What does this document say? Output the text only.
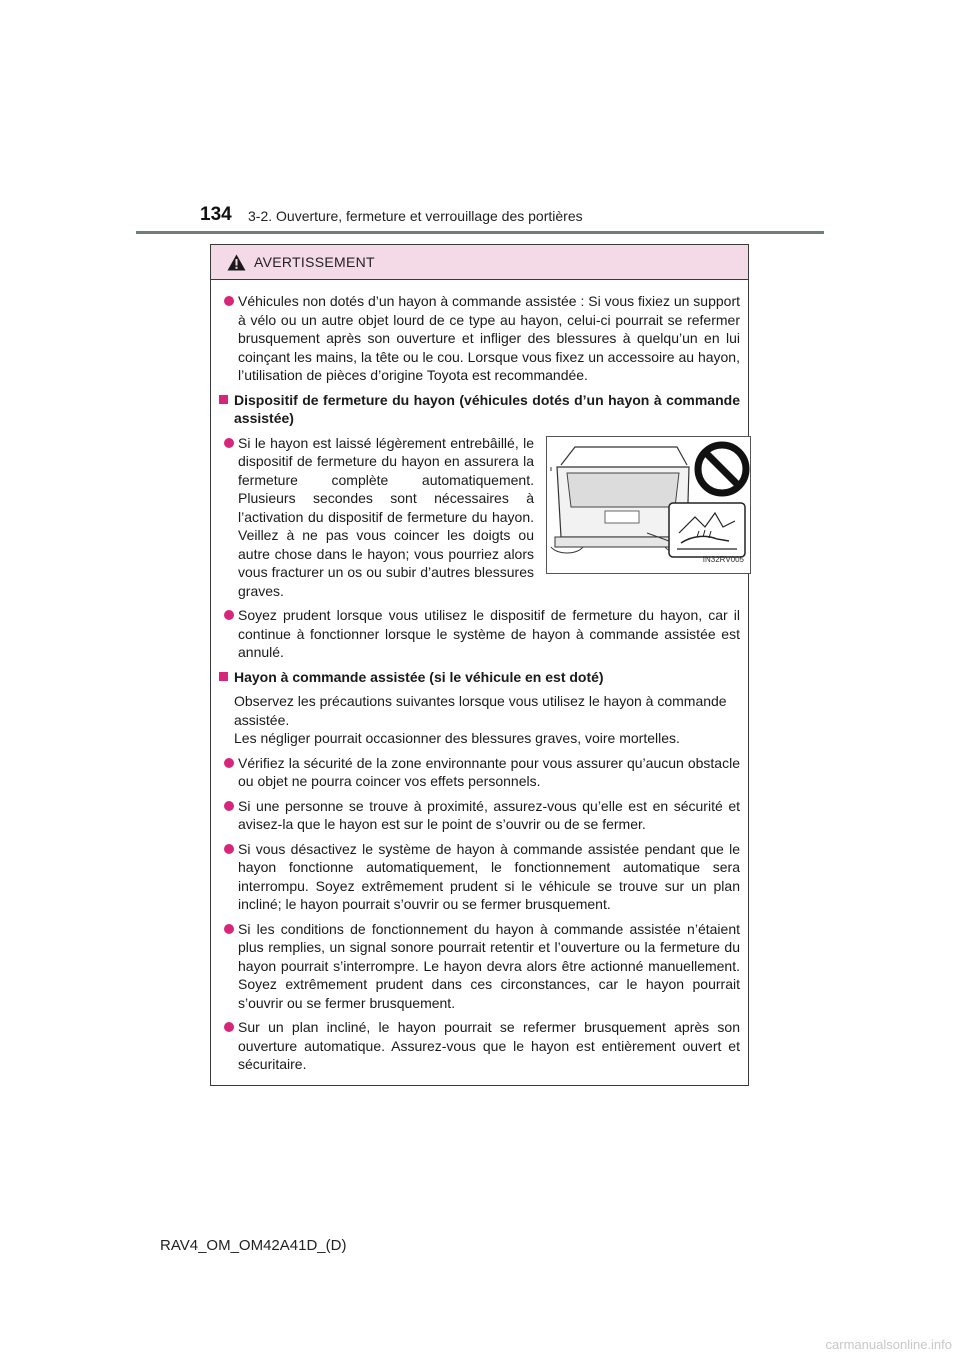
134 3-2. Ouverture, fermeture et verrouillage des portières
AVERTISSEMENT
Véhicules non dotés d’un hayon à commande assistée : Si vous fixiez un support à vélo ou un autre objet lourd de ce type au hayon, celui-ci pourrait se refermer brusquement après son ouverture et infliger des blessures à quelqu’un en lui coinçant les mains, la tête ou le cou. Lorsque vous fixez un accessoire au hayon, l’utilisation de pièces d’origine Toyota est recommandée.
Dispositif de fermeture du hayon (véhicules dotés d’un hayon à commande assistée)
Si le hayon est laissé légèrement entrebâillé, le dispositif de fermeture du hayon en assurera la fermeture complète automatiquement. Plusieurs secondes sont nécessaires à l’activation du dispositif de fermeture du hayon. Veillez à ne pas vous coincer les doigts ou autre chose dans le hayon; vous pourriez alors vous fracturer un os ou subir d’autres blessures graves.
IN32RV005
Soyez prudent lorsque vous utilisez le dispositif de fermeture du hayon, car il continue à fonctionner lorsque le système de hayon à commande assistée est annulé.
Hayon à commande assistée (si le véhicule en est doté)

Observez les précautions suivantes lorsque vous utilisez le hayon à commande assistée.

Les négliger pourrait occasionner des blessures graves, voire mortelles.

Vérifiez la sécurité de la zone environnante pour vous assurer qu’aucun obstacle ou objet ne pourra coincer vos effets personnels.
Si une personne se trouve à proximité, assurez-vous qu’elle est en sécurité et avisez-la que le hayon est sur le point de s’ouvrir ou de se fermer.
Si vous désactivez le système de hayon à commande assistée pendant que le hayon fonctionne automatiquement, le fonctionnement automatique sera interrompu. Soyez extrêmement prudent si le véhicule se trouve sur un plan incliné; le hayon pourrait s’ouvrir ou se fermer brusquement.
Si les conditions de fonctionnement du hayon à commande assistée n’étaient plus remplies, un signal sonore pourrait retentir et l’ouverture ou la fermeture du hayon pourrait s’interrompre. Le hayon devra alors être actionné manuellement. Soyez extrêmement prudent dans ces circonstances, car le hayon pourrait s’ouvrir ou se fermer brusquement.
Sur un plan incliné, le hayon pourrait se refermer brusquement après son ouverture automatique. Assurez-vous que le hayon est entièrement ouvert et sécuritaire.
RAV4_OM_OM42A41D_(D)
carmanualsonline.info
